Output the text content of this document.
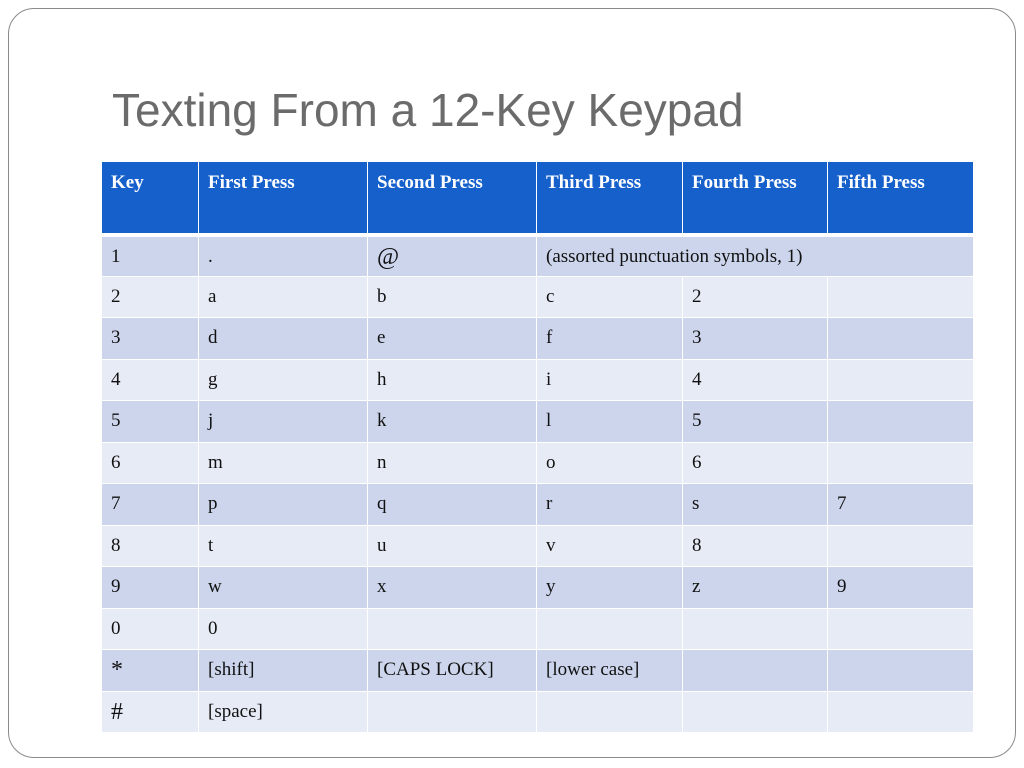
Texting From a 12-Key Keypad
Key	First Press	Second Press	Third Press	Fourth Press	Fifth Press
1	.	@	(assorted punctuation symbols, 1)		
2	a	b	c	2	
3	d	e	f	3	
4	g	h	i	4	
5	j	k	l	5	
6	m	n	o	6	
7	p	q	r	s	7
8	t	u	v	8	
9	w	x	y	z	9
0	0				
*	[shift]	[CAPS LOCK]	[lower case]		
#	[space]				
